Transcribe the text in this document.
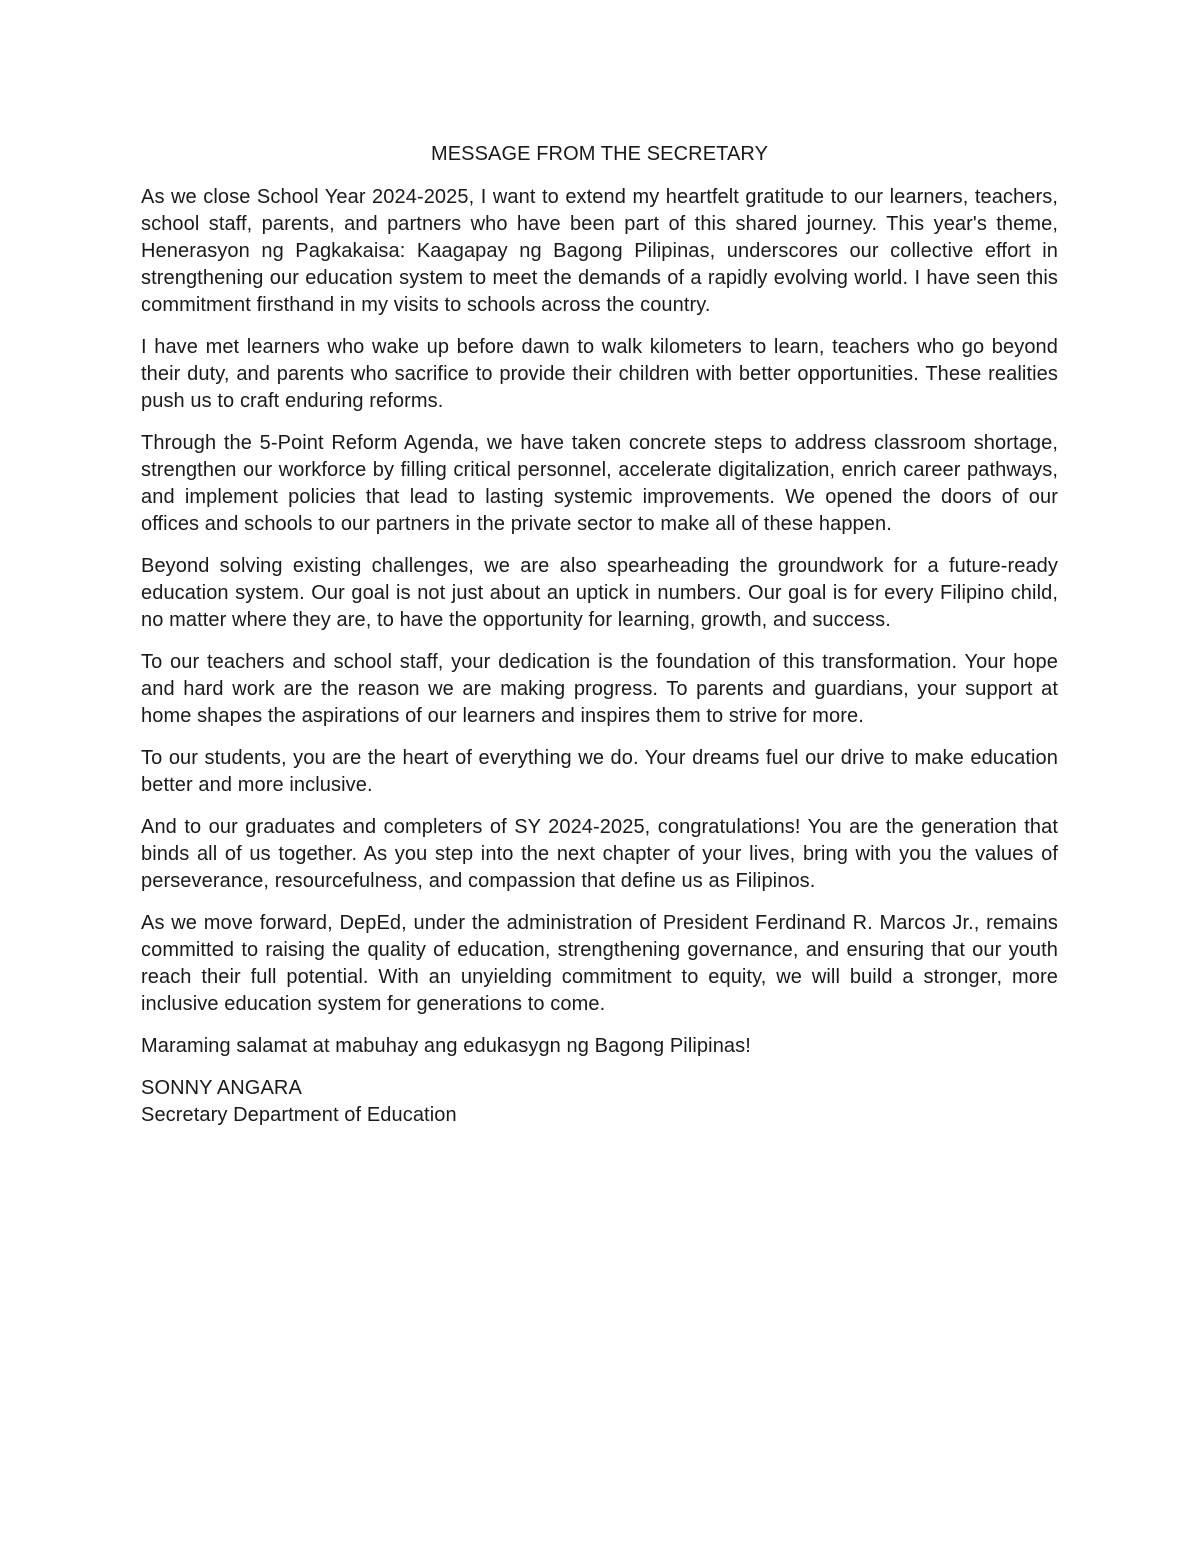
MESSAGE FROM THE SECRETARY

As we close School Year 2024-2025, I want to extend my heartfelt gratitude to our learners, teachers, school staff, parents, and partners who have been part of this shared journey. This year's theme, Henerasyon ng Pagkakaisa: Kaagapay ng Bagong Pilipinas, underscores our collective effort in strengthening our education system to meet the demands of a rapidly evolving world. I have seen this commitment firsthand in my visits to schools across the country.

I have met learners who wake up before dawn to walk kilometers to learn, teachers who go beyond their duty, and parents who sacrifice to provide their children with better opportunities. These realities push us to craft enduring reforms.

Through the 5-Point Reform Agenda, we have taken concrete steps to address classroom shortage, strengthen our workforce by filling critical personnel, accelerate digitalization, enrich career pathways, and implement policies that lead to lasting systemic improvements. We opened the doors of our offices and schools to our partners in the private sector to make all of these happen.

Beyond solving existing challenges, we are also spearheading the groundwork for a future-ready education system. Our goal is not just about an uptick in numbers. Our goal is for every Filipino child, no matter where they are, to have the opportunity for learning, growth, and success.

To our teachers and school staff, your dedication is the foundation of this transformation. Your hope and hard work are the reason we are making progress. To parents and guardians, your support at home shapes the aspirations of our learners and inspires them to strive for more.

To our students, you are the heart of everything we do. Your dreams fuel our drive to make education better and more inclusive.

And to our graduates and completers of SY 2024-2025, congratulations! You are the generation that binds all of us together. As you step into the next chapter of your lives, bring with you the values of perseverance, resourcefulness, and compassion that define us as Filipinos.

As we move forward, DepEd, under the administration of President Ferdinand R. Marcos Jr., remains committed to raising the quality of education, strengthening governance, and ensuring that our youth reach their full potential. With an unyielding commitment to equity, we will build a stronger, more inclusive education system for generations to come.

Maraming salamat at mabuhay ang edukasygn ng Bagong Pilipinas!

SONNY ANGARA

Secretary Department of Education
